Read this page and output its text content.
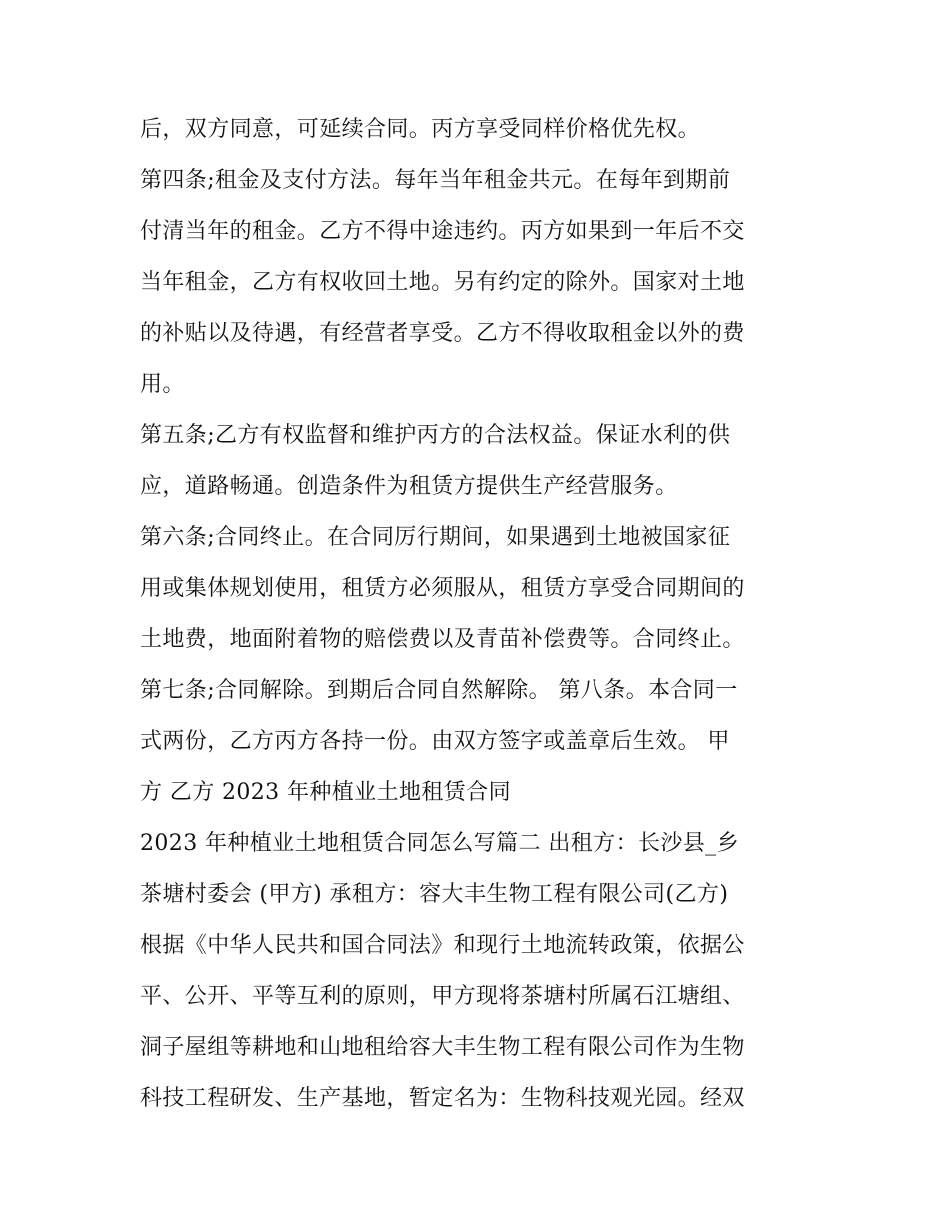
后，双方同意，可延续合同。丙方享受同样价格优先权。
第四条;租金及支付方法。每年当年租金共元。在每年到期前
付清当年的租金。乙方不得中途违约。丙方如果到一年后不交
当年租金，乙方有权收回土地。另有约定的除外。国家对土地
的补贴以及待遇，有经营者享受。乙方不得收取租金以外的费
用。
第五条;乙方有权监督和维护丙方的合法权益。保证水利的供
应，道路畅通。创造条件为租赁方提供生产经营服务。
第六条;合同终止。在合同厉行期间，如果遇到土地被国家征
用或集体规划使用，租赁方必须服从，租赁方享受合同期间的
土地费，地面附着物的赔偿费以及青苗补偿费等。合同终止。
第七条;合同解除。到期后合同自然解除。 第八条。本合同一
式两份，乙方丙方各持一份。由双方签字或盖章后生效。 甲
方 乙方 2023 年种植业土地租赁合同
2023 年种植业土地租赁合同怎么写篇二 出租方：长沙县_乡
茶塘村委会 (甲方) 承租方：容大丰生物工程有限公司(乙方)
根据《中华人民共和国合同法》和现行土地流转政策，依据公
平、公开、平等互利的原则，甲方现将茶塘村所属石江塘组、
洞子屋组等耕地和山地租给容大丰生物工程有限公司作为生物
科技工程研发、生产基地，暂定名为：生物科技观光园。经双
